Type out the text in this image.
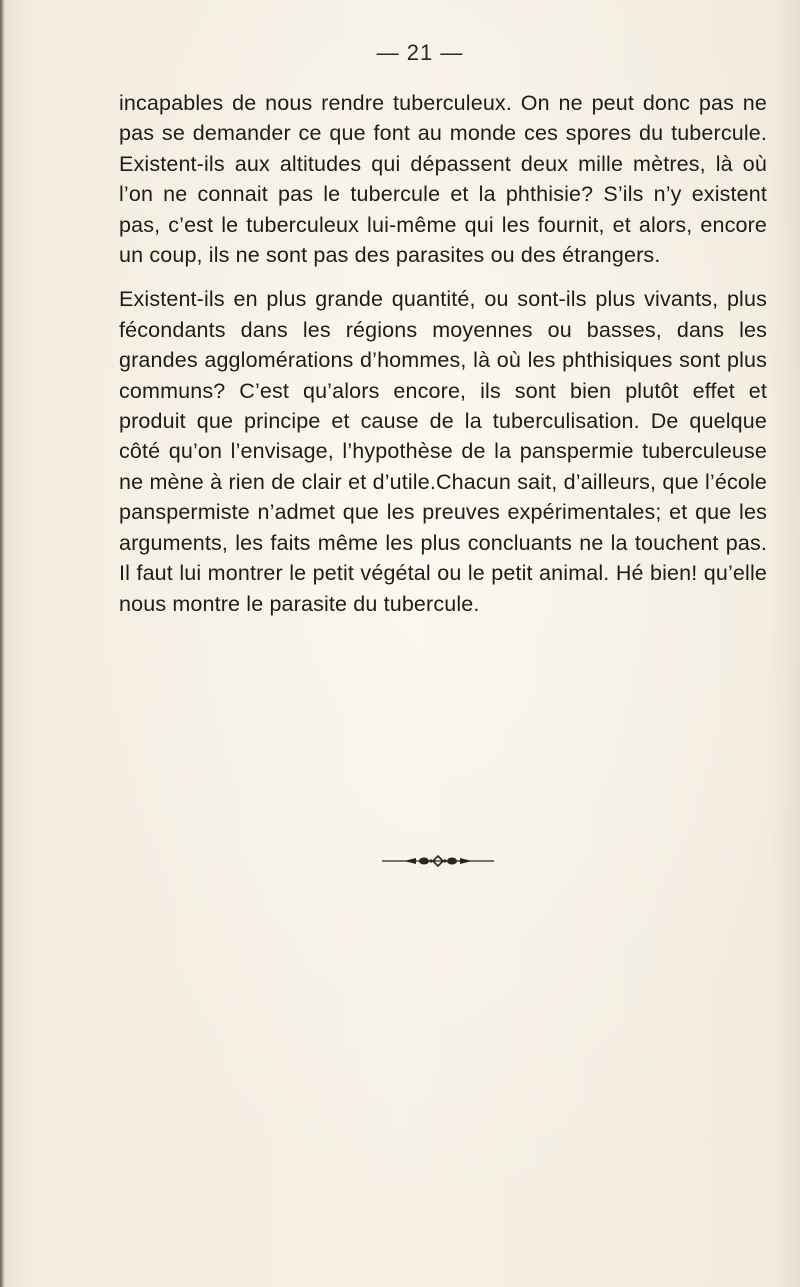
— 21 —

incapables de nous rendre tuberculeux. On ne peut donc pas ne pas se demander ce que font au monde ces spores du tubercule. Existent-ils aux altitudes qui dépassent deux mille mètres, là où l’on ne connait pas le tubercule et la phthisie? S’ils n’y existent pas, c’est le tuberculeux lui-même qui les fournit, et alors, encore un coup, ils ne sont pas des parasites ou des étrangers.

Existent-ils en plus grande quantité, ou sont-ils plus vivants, plus fécondants dans les régions moyennes ou basses, dans les grandes agglomérations d’hommes, là où les phthisiques sont plus communs? C’est qu’alors encore, ils sont bien plutôt effet et produit que principe et cause de la tuberculisation. De quelque côté qu’on l’envisage, l’hypothèse de la panspermie tuberculeuse ne mène à rien de clair et d’utile.Chacun sait, d’ailleurs, que l’école panspermiste n’admet que les preuves expérimentales; et que les arguments, les faits même les plus concluants ne la touchent pas. Il faut lui montrer le petit végétal ou le petit animal. Hé bien! qu’elle nous montre le parasite du tubercule.
